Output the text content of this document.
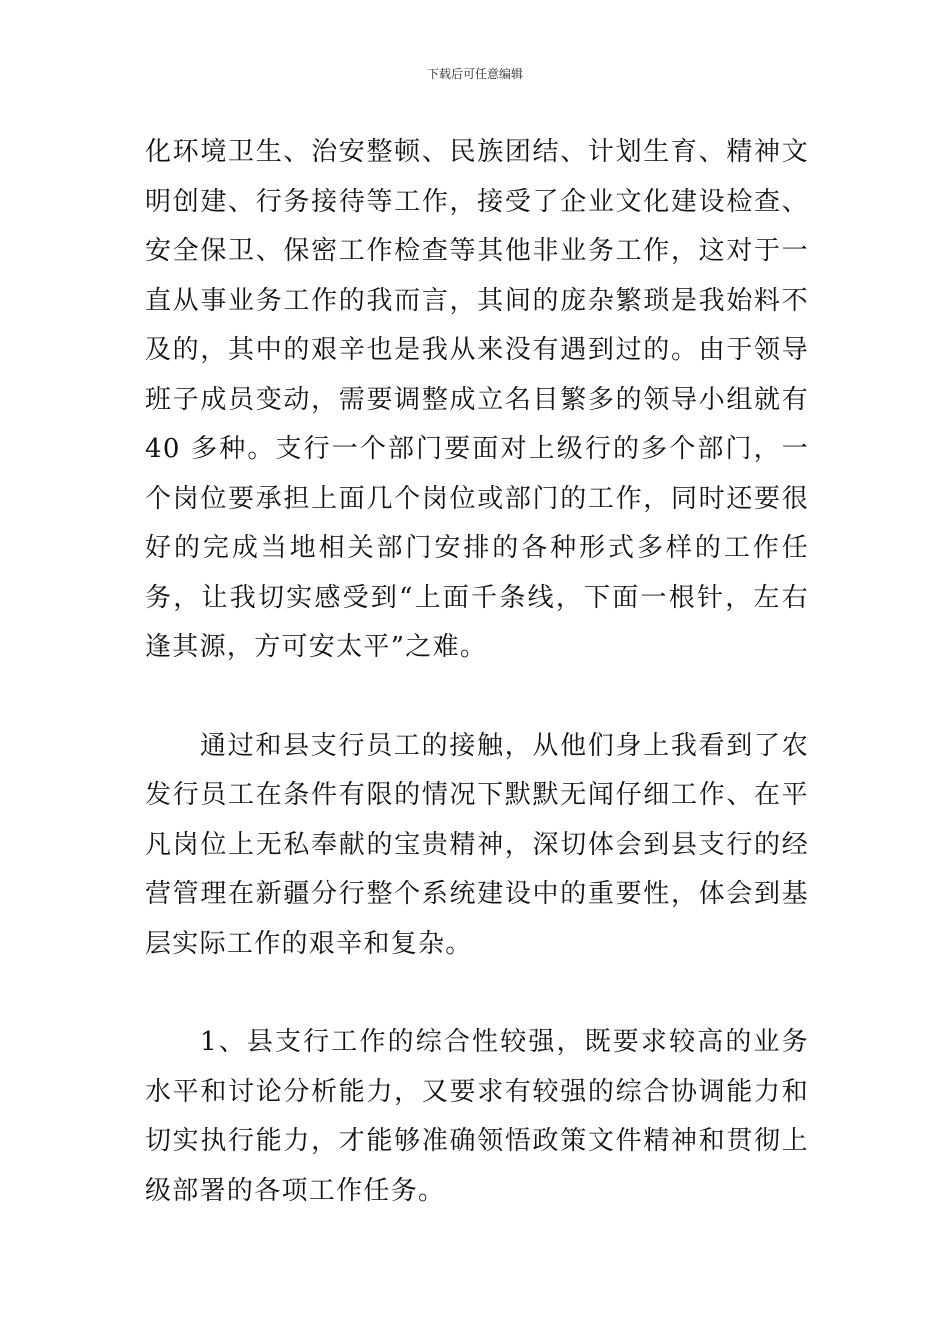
下载后可任意编辑

化环境卫生、治安整顿、民族团结、计划生育、精神文明创建、行务接待等工作，接受了企业文化建设检查、安全保卫、保密工作检查等其他非业务工作，这对于一直从事业务工作的我而言，其间的庞杂繁琐是我始料不及的，其中的艰辛也是我从来没有遇到过的。由于领导班子成员变动，需要调整成立名目繁多的领导小组就有 40 多种。支行一个部门要面对上级行的多个部门，一个岗位要承担上面几个岗位或部门的工作，同时还要很好的完成当地相关部门安排的各种形式多样的工作任务，让我切实感受到“上面千条线，下面一根针，左右逢其源，方可安太平”之难。

通过和县支行员工的接触，从他们身上我看到了农发行员工在条件有限的情况下默默无闻仔细工作、在平凡岗位上无私奉献的宝贵精神，深切体会到县支行的经营管理在新疆分行整个系统建设中的重要性，体会到基层实际工作的艰辛和复杂。

1、县支行工作的综合性较强，既要求较高的业务水平和讨论分析能力，又要求有较强的综合协调能力和切实执行能力，才能够准确领悟政策文件精神和贯彻上级部署的各项工作任务。
